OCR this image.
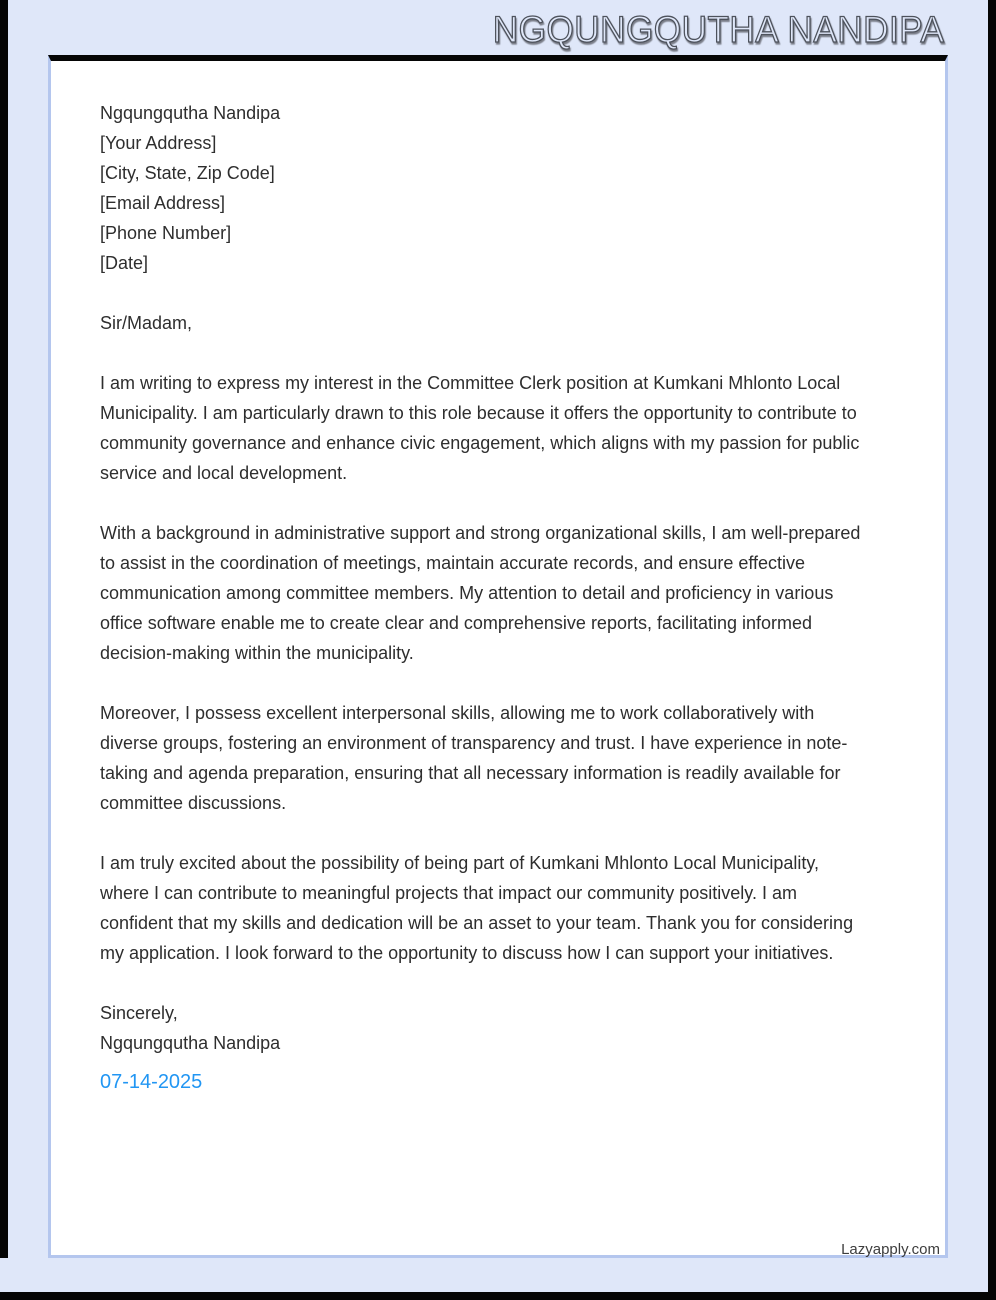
NGQUNGQUTHA NANDIPA
Ngqungqutha Nandipa
[Your Address]
[City, State, Zip Code]
[Email Address]
[Phone Number]
[Date]
Sir/Madam,
I am writing to express my interest in the Committee Clerk position at Kumkani Mhlonto Local Municipality. I am particularly drawn to this role because it offers the opportunity to contribute to community governance and enhance civic engagement, which aligns with my passion for public service and local development.
With a background in administrative support and strong organizational skills, I am well-prepared to assist in the coordination of meetings, maintain accurate records, and ensure effective communication among committee members. My attention to detail and proficiency in various office software enable me to create clear and comprehensive reports, facilitating informed decision-making within the municipality.
Moreover, I possess excellent interpersonal skills, allowing me to work collaboratively with diverse groups, fostering an environment of transparency and trust. I have experience in note-taking and agenda preparation, ensuring that all necessary information is readily available for committee discussions.
I am truly excited about the possibility of being part of Kumkani Mhlonto Local Municipality, where I can contribute to meaningful projects that impact our community positively. I am confident that my skills and dedication will be an asset to your team. Thank you for considering my application. I look forward to the opportunity to discuss how I can support your initiatives.
Sincerely,
Ngqungqutha Nandipa
07-14-2025
Lazyapply.com
